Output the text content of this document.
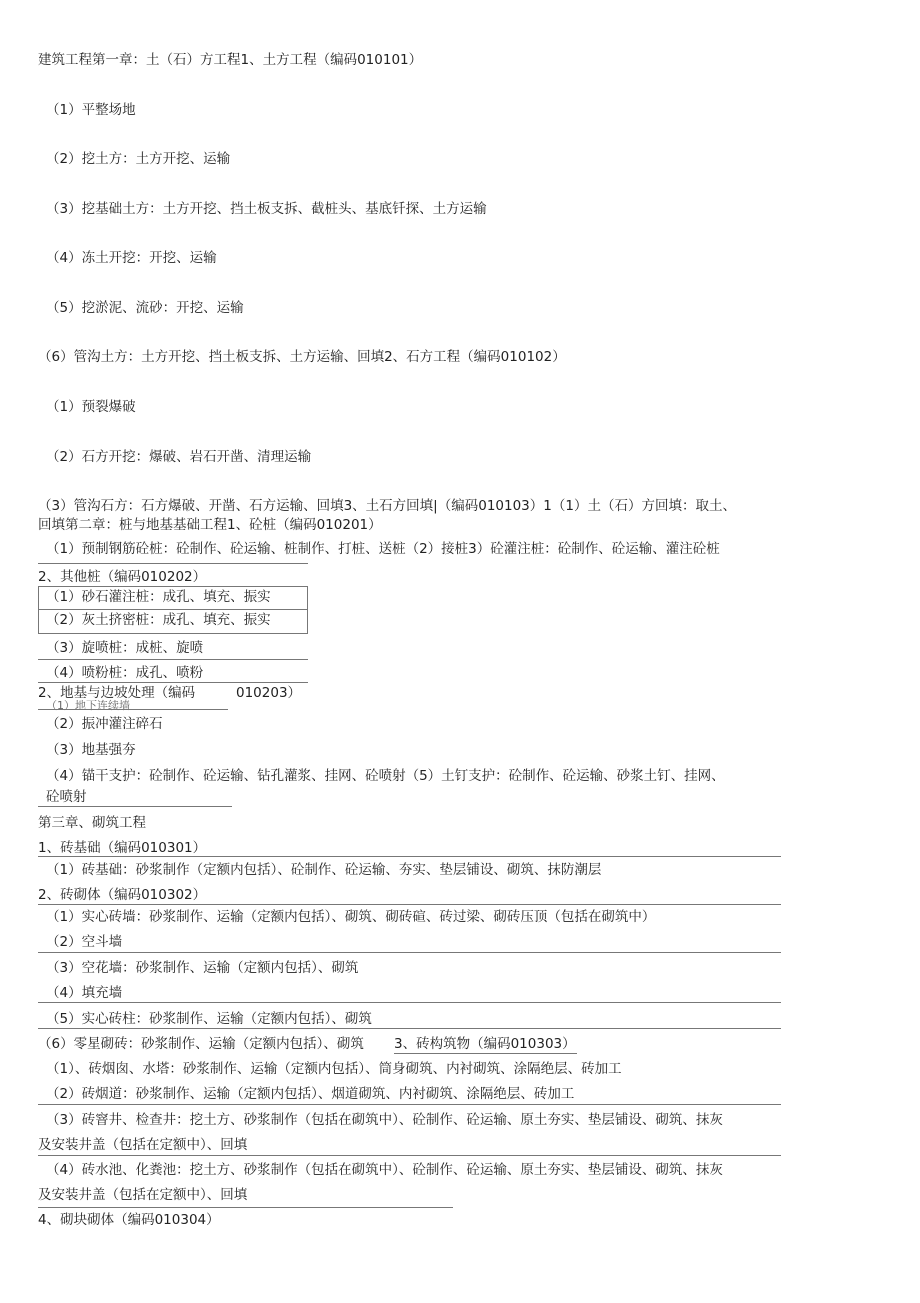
建筑工程第一章：土（石）方工程1、土方工程（编码010101）
（1）平整场地
（2）挖土方：土方开挖、运输
（3）挖基础土方：土方开挖、挡土板支拆、截桩头、基底钎探、土方运输
（4）冻土开挖：开挖、运输
（5）挖淤泥、流砂：开挖、运输
（6）管沟土方：土方开挖、挡土板支拆、土方运输、回填2、石方工程（编码010102）
（1）预裂爆破
（2）石方开挖：爆破、岩石开凿、清理运输
（3）管沟石方：石方爆破、开凿、石方运输、回填3、土石方回填|（编码010103）1（1）土（石）方回填：取土、
回填第二章：桩与地基基础工程1、砼桩（编码010201）
（1）预制钢筋砼桩：砼制作、砼运输、桩制作、打桩、送桩（2）接桩3）砼灌注桩：砼制作、砼运输、灌注砼桩
2、其他桩（编码010202）
（1）砂石灌注桩：成孔、填充、振实
（2）灰土挤密桩：成孔、填充、振实
（3）旋喷桩：成桩、旋喷
（4）喷粉桩：成孔、喷粉
2、地基与边坡处理（编码	010203）
（1）地下连续墙
（2）振冲灌注碎石
（3）地基强夯
（4）锚干支护：砼制作、砼运输、钻孔灌浆、挂网、砼喷射（5）土钉支护：砼制作、砼运输、砂浆土钉、挂网、
砼喷射
第三章、砌筑工程
1、砖基础（编码010301）
（1）砖基础：砂浆制作（定额内包括）、砼制作、砼运输、夯实、垫层铺设、砌筑、抹防潮层
2、砖砌体（编码010302）
（1）实心砖墙：砂浆制作、运输（定额内包括）、砌筑、砌砖碹、砖过梁、砌砖压顶（包括在砌筑中）
（2）空斗墙
（3）空花墙：砂浆制作、运输（定额内包括）、砌筑
（4）填充墙
（5）实心砖柱：砂浆制作、运输（定额内包括）、砌筑
（6）零星砌砖：砂浆制作、运输（定额内包括）、砌筑 3、砖构筑物（编码010303）
（1）、砖烟囱、水塔：砂浆制作、运输（定额内包括）、筒身砌筑、内衬砌筑、涂隔绝层、砖加工
（2）砖烟道：砂浆制作、运输（定额内包括）、烟道砌筑、内衬砌筑、涂隔绝层、砖加工
（3）砖窨井、检查井：挖土方、砂浆制作（包括在砌筑中）、砼制作、砼运输、原土夯实、垫层铺设、砌筑、抹灰
及安装井盖（包括在定额中）、回填
（4）砖水池、化粪池：挖土方、砂浆制作（包括在砌筑中）、砼制作、砼运输、原土夯实、垫层铺设、砌筑、抹灰
及安装井盖（包括在定额中）、回填
4、砌块砌体（编码010304）
